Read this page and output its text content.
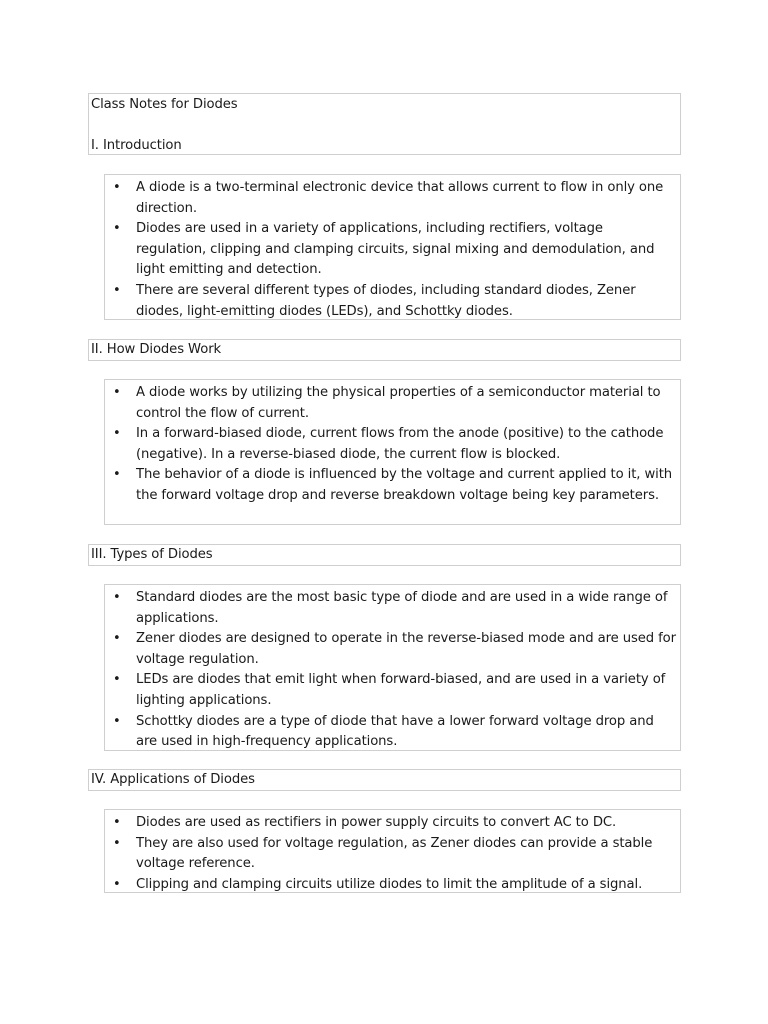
Class Notes for Diodes
I. Introduction
• A diode is a two-terminal electronic device that allows current to flow in only one direction.
• Diodes are used in a variety of applications, including rectifiers, voltage regulation, clipping and clamping circuits, signal mixing and demodulation, and light emitting and detection.
• There are several different types of diodes, including standard diodes, Zener diodes, light-emitting diodes (LEDs), and Schottky diodes.
II. How Diodes Work
• A diode works by utilizing the physical properties of a semiconductor material to control the flow of current.
• In a forward-biased diode, current flows from the anode (positive) to the cathode (negative). In a reverse-biased diode, the current flow is blocked.
• The behavior of a diode is influenced by the voltage and current applied to it, with the forward voltage drop and reverse breakdown voltage being key parameters.
III. Types of Diodes
• Standard diodes are the most basic type of diode and are used in a wide range of applications.
• Zener diodes are designed to operate in the reverse-biased mode and are used for voltage regulation.
• LEDs are diodes that emit light when forward-biased, and are used in a variety of lighting applications.
• Schottky diodes are a type of diode that have a lower forward voltage drop and are used in high-frequency applications.
IV. Applications of Diodes
• Diodes are used as rectifiers in power supply circuits to convert AC to DC.
• They are also used for voltage regulation, as Zener diodes can provide a stable voltage reference.
• Clipping and clamping circuits utilize diodes to limit the amplitude of a signal.
